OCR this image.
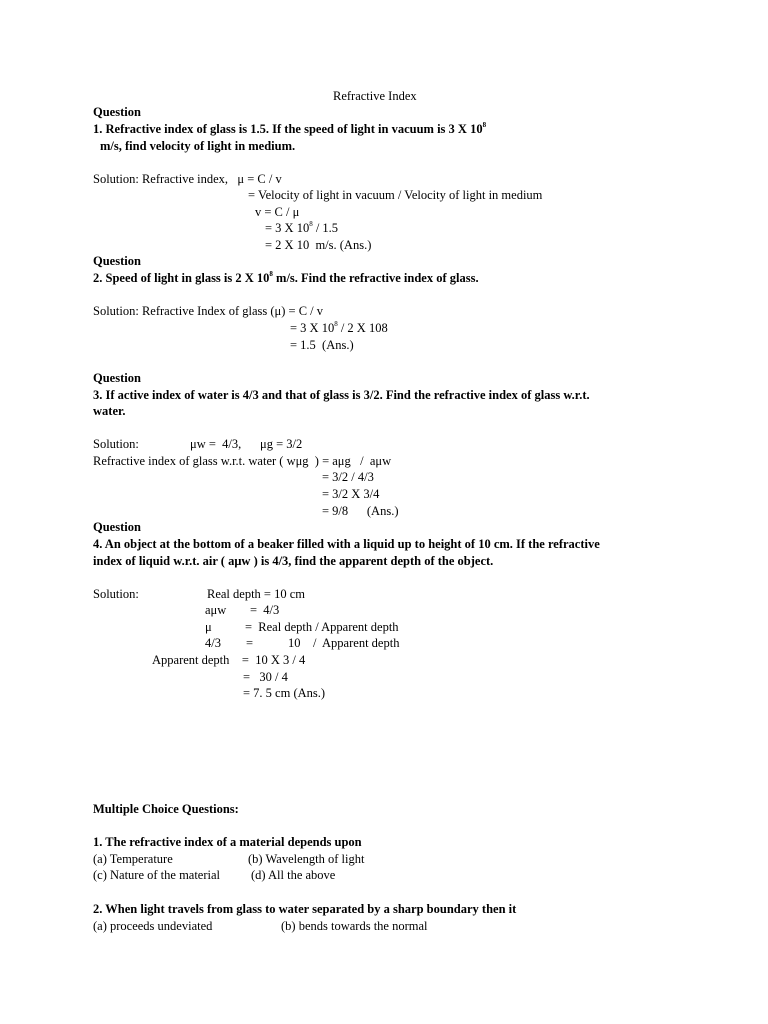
Refractive Index
Question
1. Refractive index of glass is 1.5. If the speed of light in vacuum is 3 X $10^8$
m/s, find velocity of light in medium.
Solution: Refractive index,   μ = C / v
= Velocity of light in vacuum / Velocity of light in medium
v = C / μ
= 3 X $10^8 / 1.5$
= 2 X 10  m/s. (Ans.)
Question
2. Speed of light in glass is 2 X $10^8$ m/s. Find the refractive index of glass.
Solution: Refractive Index of glass (μ) = C / v
= 3 X $10^8 / 2$ X 108
= 1.5  (Ans.)
Question
3. If active index of water is 4/3 and that of glass is 3/2. Find the refractive index of glass w.r.t.
water.
Solution:	μw =  4/3, μg = 3/2
Refractive index of glass w.r.t. water ( wμg  ) = aμg   /  aμw
= 3/2 / 4/3
= 3/2 X 3/4
= 9/8      (Ans.)
Question
4. An object at the bottom of a beaker filled with a liquid up to height of 10 cm. If the refractive
index of liquid w.r.t. air ( aμw ) is 4/3, find the apparent depth of the object.
Solution:	Real depth = 10 cm
aμw =  4/3
μ	=  Real depth / Apparent depth
4/3 =	10    /  Apparent depth
Apparent depth    =  10 X 3 / 4
=   30 / 4
= 7. 5 cm (Ans.)
Multiple Choice Questions:
1. The refractive index of a material depends upon
(a) Temperature	(b) Wavelength of light
(c) Nature of the material (d) All the above
2. When light travels from glass to water separated by a sharp boundary then it
(a) proceeds undeviated	(b) bends towards the normal
